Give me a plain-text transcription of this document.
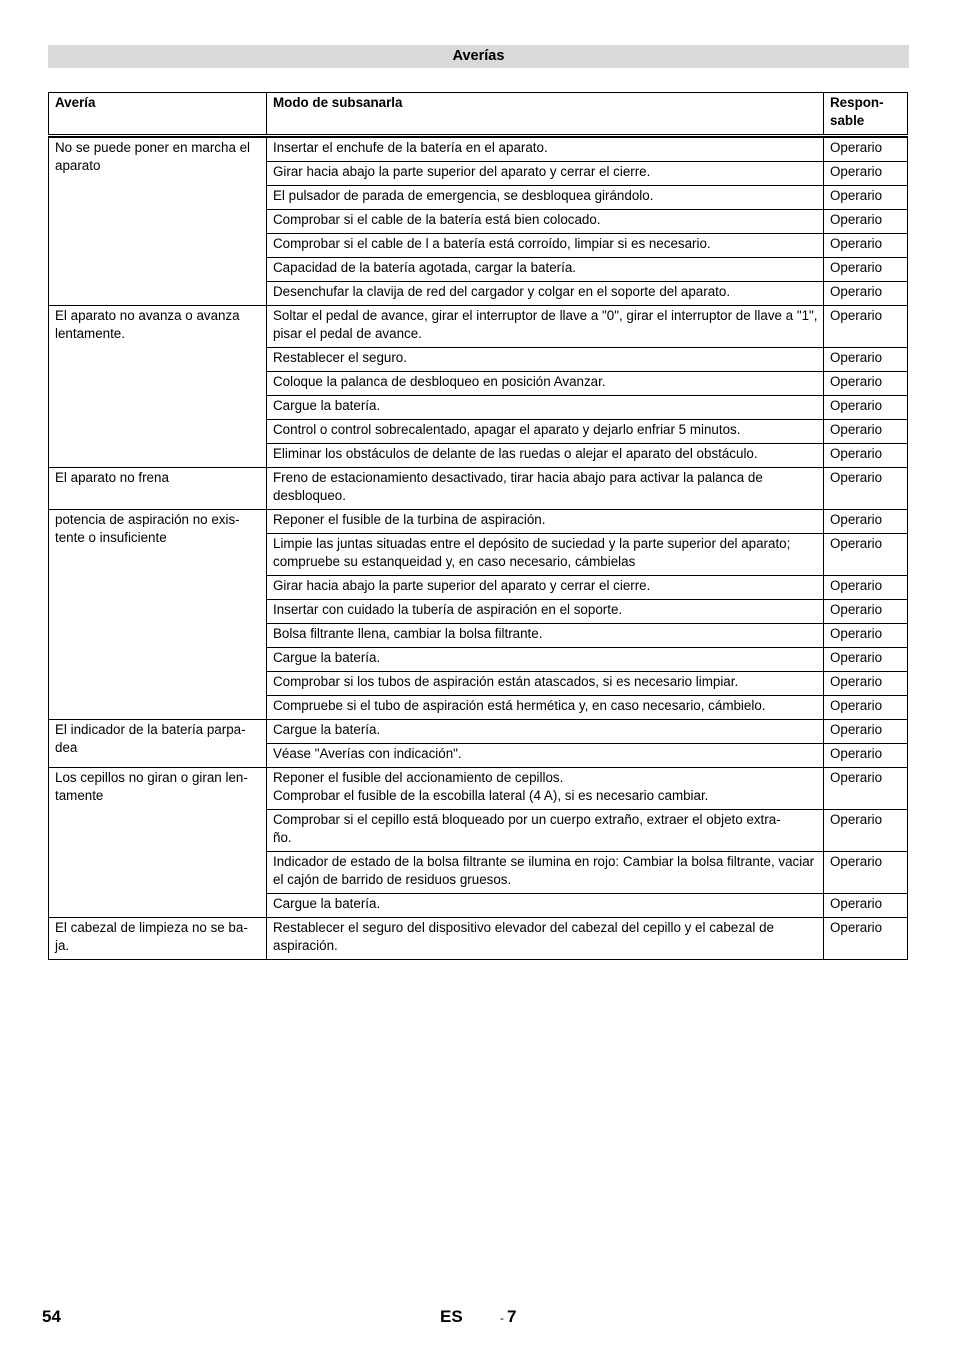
Averías
Avería	Modo de subsanarla	Respon-
sable

No se puede poner en marcha el aparato	Insertar el enchufe de la batería en el aparato.	Operario
	Girar hacia abajo la parte superior del aparato y cerrar el cierre.	Operario
	El pulsador de parada de emergencia, se desbloquea girándolo.	Operario
	Comprobar si el cable de la batería está bien colocado.	Operario
	Comprobar si el cable de l a batería está corroído, limpiar si es necesario.	Operario
	Capacidad de la batería agotada, cargar la batería.	Operario
	Desenchufar la clavija de red del cargador y colgar en el soporte del aparato.	Operario
El aparato no avanza o avanza lentamente.	Soltar el pedal de avance, girar el interruptor de llave a "0", girar el interruptor de llave a "1", pisar el pedal de avance.	Operario
	Restablecer el seguro.	Operario
	Coloque la palanca de desbloqueo en posición Avanzar.	Operario
	Cargue la batería.	Operario
	Control o control sobrecalentado, apagar el aparato y dejarlo enfriar 5 minutos.	Operario
	Eliminar los obstáculos de delante de las ruedas o alejar el aparato del obstáculo.	Operario
El aparato no frena	Freno de estacionamiento desactivado, tirar hacia abajo para activar la palanca de desbloqueo.	Operario
potencia de aspiración no exis-
tente o insuficiente	Reponer el fusible de la turbina de aspiración.	Operario
	Limpie las juntas situadas entre el depósito de suciedad y la parte superior del aparato; compruebe su estanqueidad y, en caso necesario, cámbielas	Operario
	Girar hacia abajo la parte superior del aparato y cerrar el cierre.	Operario
	Insertar con cuidado la tubería de aspiración en el soporte.	Operario
	Bolsa filtrante llena, cambiar la bolsa filtrante.	Operario
	Cargue la batería.	Operario
	Comprobar si los tubos de aspiración están atascados, si es necesario limpiar.	Operario
	Compruebe si el tubo de aspiración está hermética y, en caso necesario, cámbielo.	Operario
El indicador de la batería parpa-
dea	Cargue la batería.	Operario
	Véase "Averías con indicación".	Operario
Los cepillos no giran o giran len-
tamente	Reponer el fusible del accionamiento de cepillos.
Comprobar el fusible de la escobilla lateral (4 A), si es necesario cambiar.	Operario
	Comprobar si el cepillo está bloqueado por un cuerpo extraño, extraer el objeto extra-
ño.	Operario
	Indicador de estado de la bolsa filtrante se ilumina en rojo: Cambiar la bolsa filtrante, vaciar el cajón de barrido de residuos gruesos.	Operario
	Cargue la batería.	Operario
El cabezal de limpieza no se ba-
ja.	Restablecer el seguro del dispositivo elevador del cabezal del cepillo y el cabezal de aspiración.	Operario
54	ES	- 7
